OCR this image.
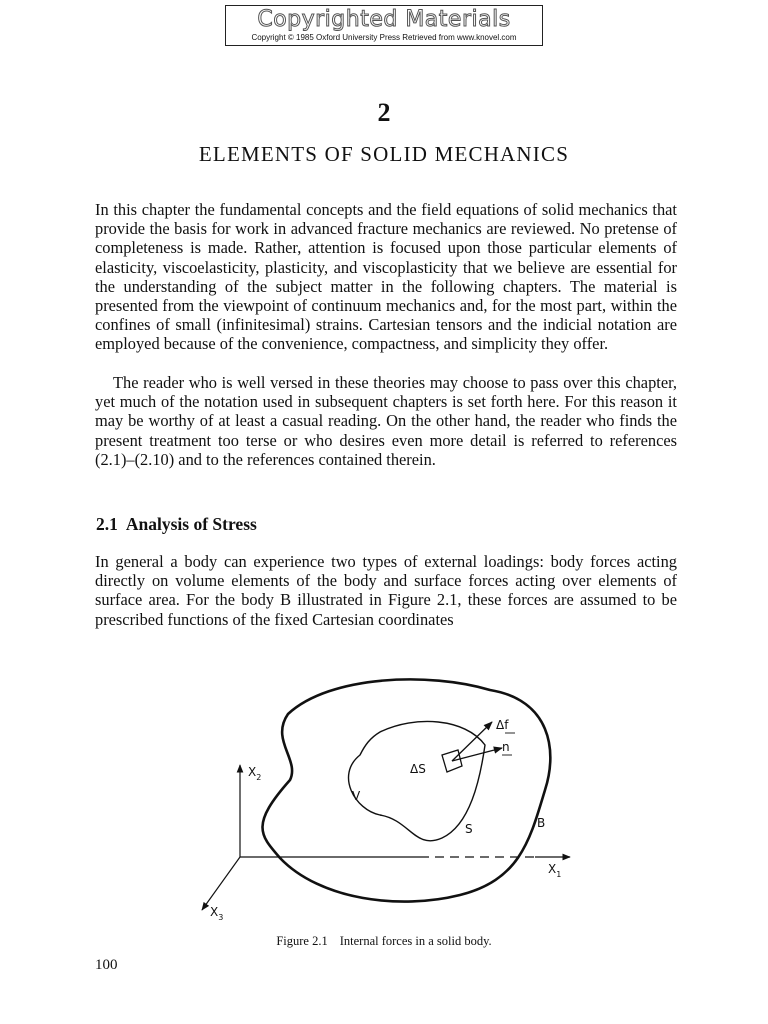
Copyrighted Materials
Copyright © 1985 Oxford University Press Retrieved from www.knovel.com
2
ELEMENTS OF SOLID MECHANICS

In this chapter the fundamental concepts and the field equations of solid mechanics that provide the basis for work in advanced fracture mechanics are reviewed. No pretense of completeness is made. Rather, attention is focused upon those particular elements of elasticity, viscoelasticity, plasticity, and viscoplasticity that we believe are essential for the understanding of the subject matter in the following chapters. The material is presented from the viewpoint of continuum mechanics and, for the most part, within the confines of small (infinitesimal) strains. Cartesian tensors and the indicial notation are employed because of the convenience, compactness, and simplicity they offer.

The reader who is well versed in these theories may choose to pass over this chapter, yet much of the notation used in subsequent chapters is set forth here. For this reason it may be worthy of at least a casual reading. On the other hand, the reader who finds the present treatment too terse or who desires even more detail is referred to references (2.1)–(2.10) and to the references contained therein.

2.1 Analysis of Stress

In general a body can experience two types of external loadings: body forces acting directly on volume elements of the body and surface forces acting over elements of surface area. For the body B illustrated in Figure 2.1, these forces are assumed to be prescribed functions of the fixed Cartesian coordinates

$X_2$
$X_1$
$X_3$
B
V
S
ΔS
Δf
n
Figure 2.1 Internal forces in a solid body.
100
